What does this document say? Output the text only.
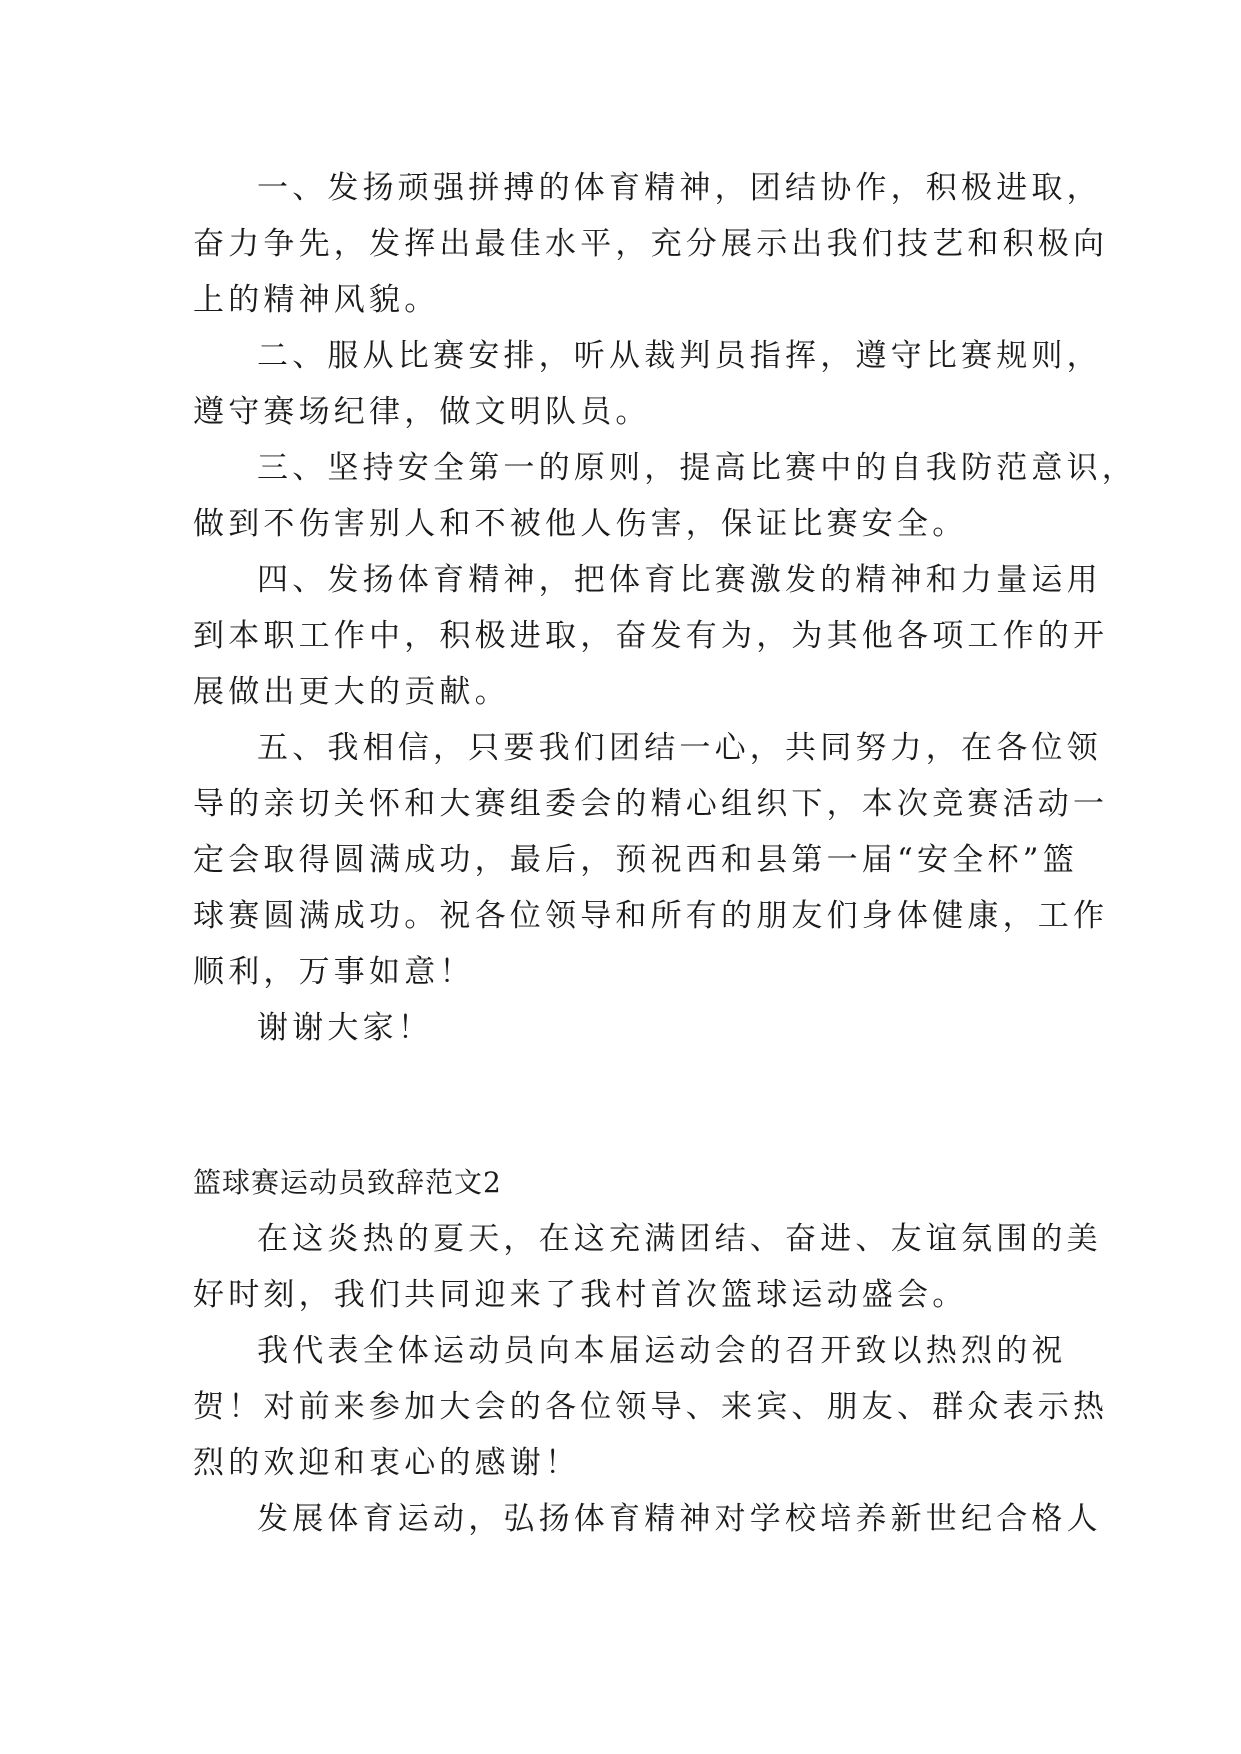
一、发扬顽强拼搏的体育精神，团结协作，积极进取，
奋力争先，发挥出最佳水平，充分展示出我们技艺和积极向
上的精神风貌。

二、服从比赛安排，听从裁判员指挥，遵守比赛规则，
遵守赛场纪律，做文明队员。

三、坚持安全第一的原则，提高比赛中的自我防范意识，
做到不伤害别人和不被他人伤害，保证比赛安全。

四、发扬体育精神，把体育比赛激发的精神和力量运用
到本职工作中，积极进取，奋发有为，为其他各项工作的开
展做出更大的贡献。

五、我相信，只要我们团结一心，共同努力，在各位领
导的亲切关怀和大赛组委会的精心组织下，本次竞赛活动一
定会取得圆满成功，最后，预祝西和县第一届“安全杯”篮
球赛圆满成功。祝各位领导和所有的朋友们身体健康，工作
顺利，万事如意！

谢谢大家！

篮球赛运动员致辞范文2

在这炎热的夏天，在这充满团结、奋进、友谊氛围的美
好时刻，我们共同迎来了我村首次篮球运动盛会。

我代表全体运动员向本届运动会的召开致以热烈的祝
贺！对前来参加大会的各位领导、来宾、朋友、群众表示热
烈的欢迎和衷心的感谢！

发展体育运动，弘扬体育精神对学校培养新世纪合格人
